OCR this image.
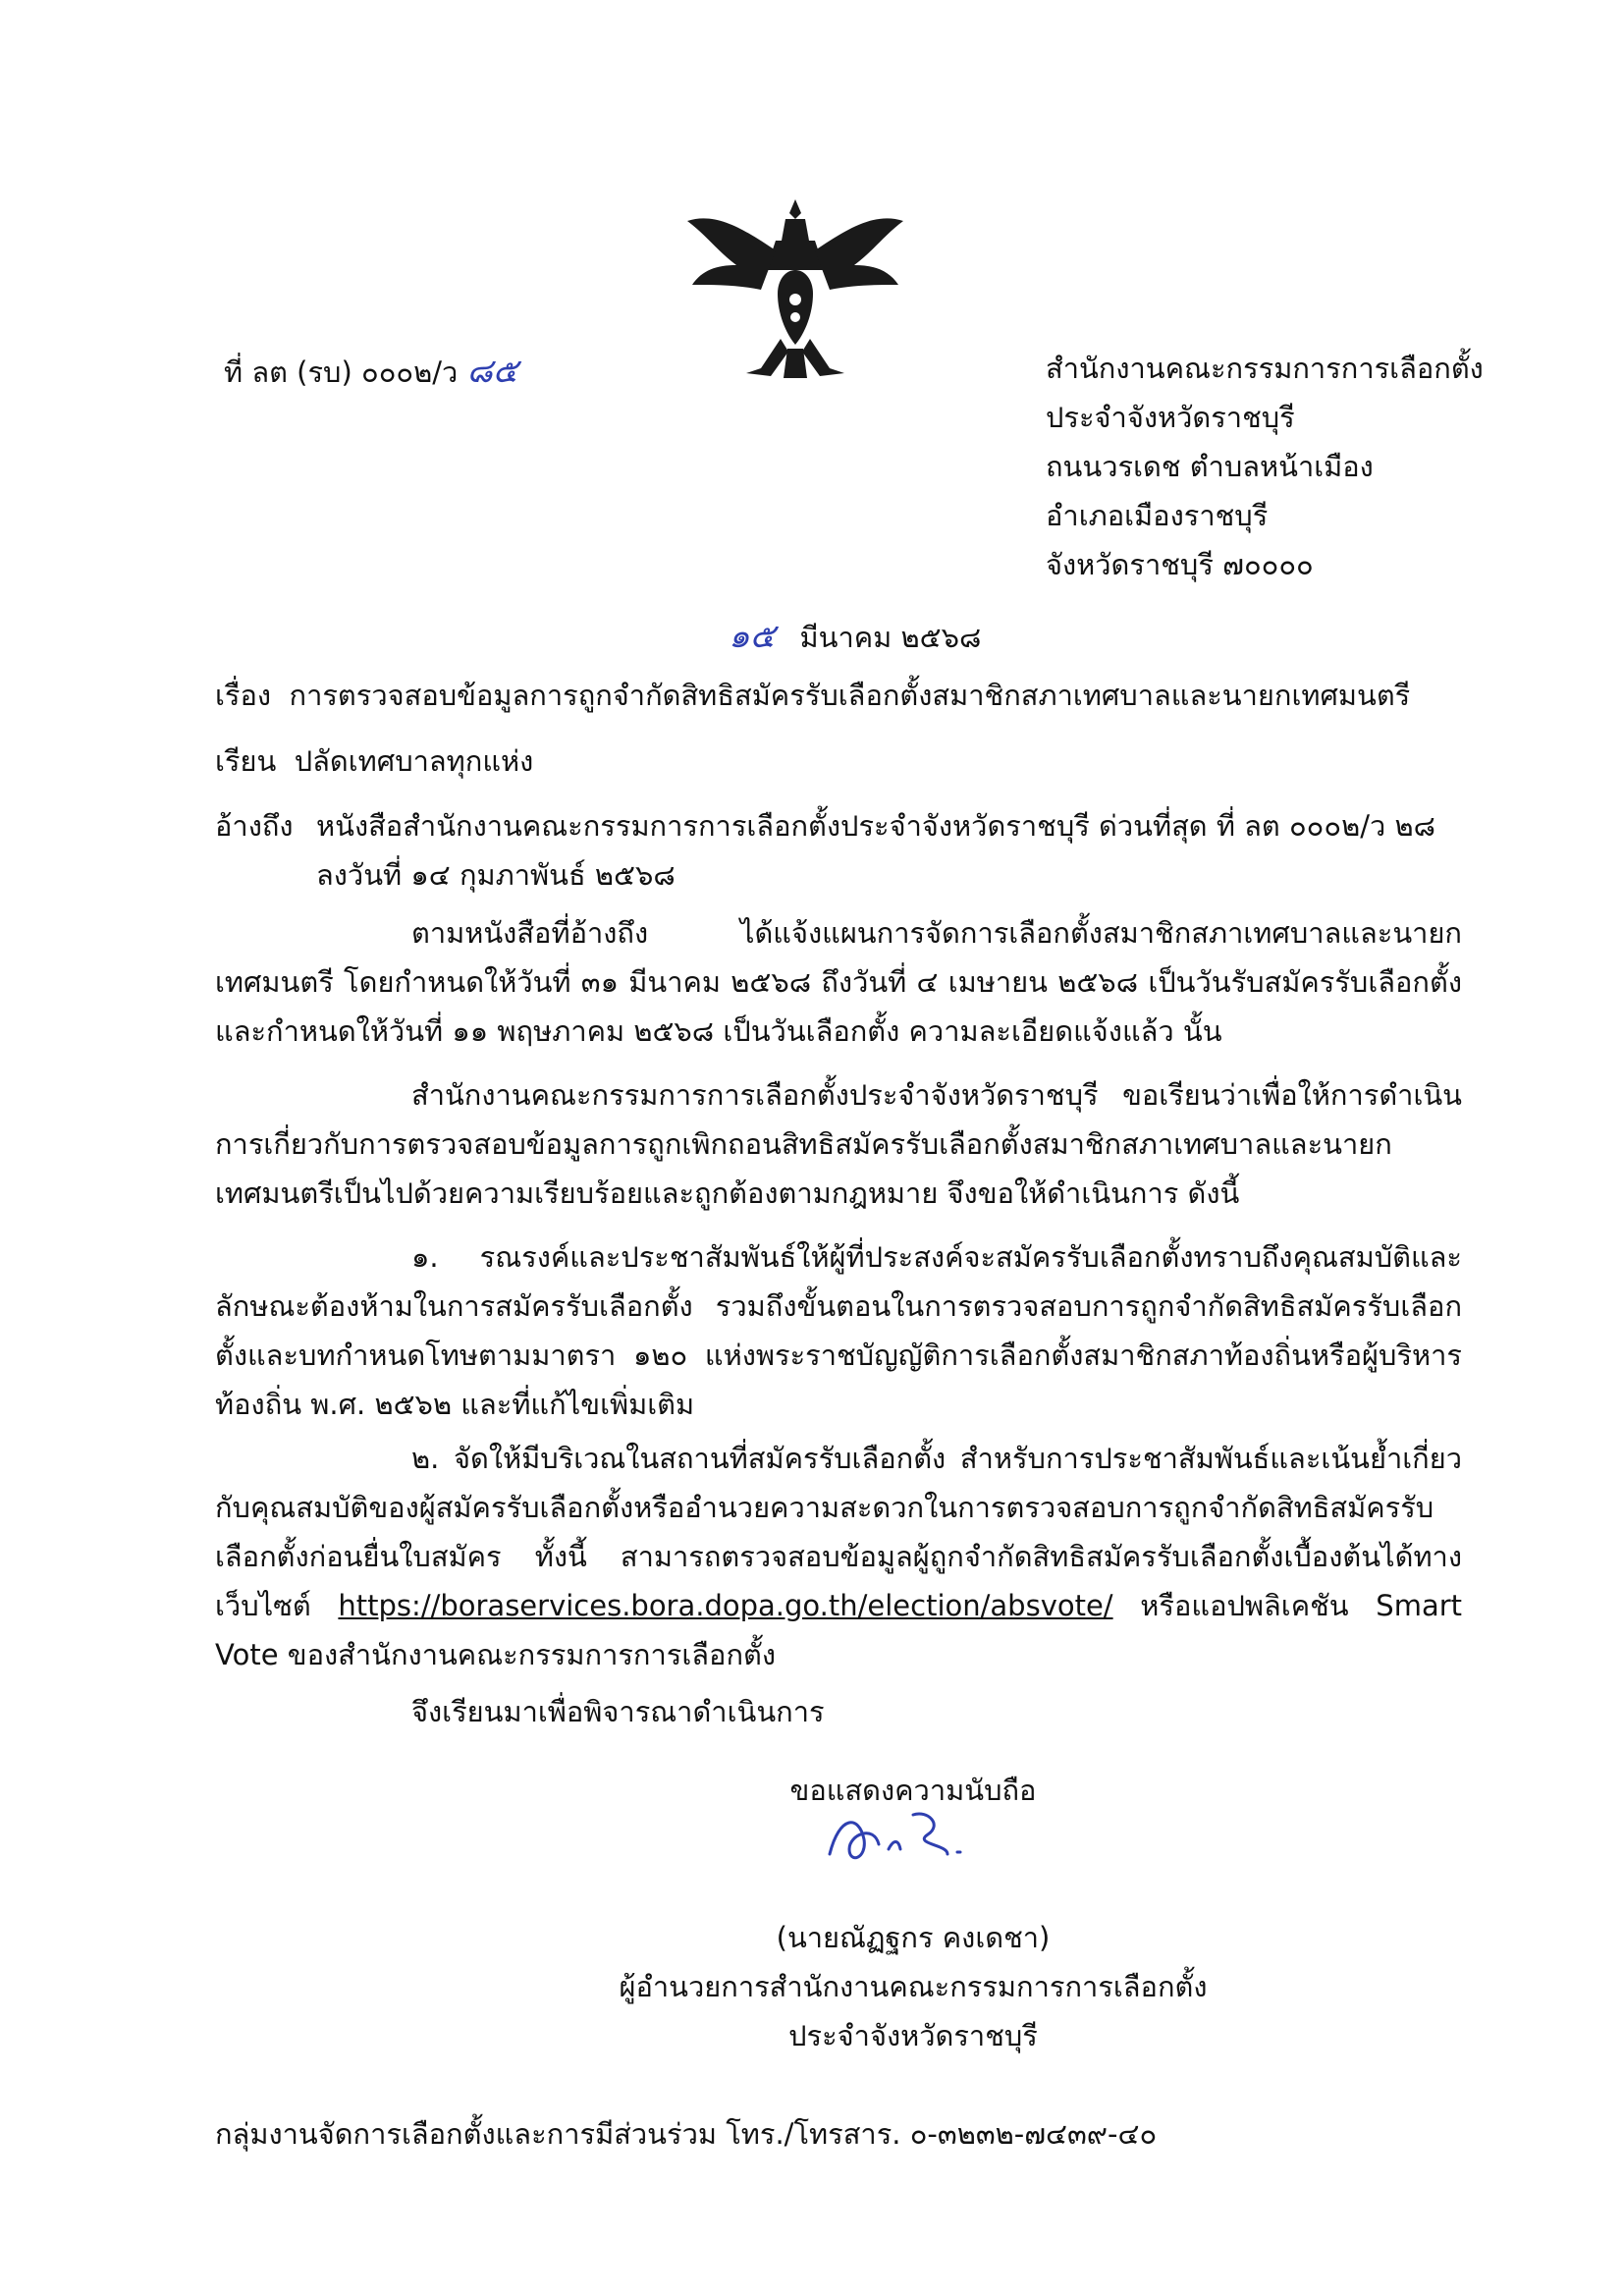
ที่ ลต (รบ) ๐๐๐๒/ว ๘๕	สำนักงานคณะกรรมการการเลือกตั้ง
ประจำจังหวัดราชบุรี
ถนนวรเดช ตำบลหน้าเมือง
อำเภอเมืองราชบุรี
จังหวัดราชบุรี ๗๐๐๐๐
๑๕ มีนาคม ๒๕๖๘
เรื่อง การตรวจสอบข้อมูลการถูกจำกัดสิทธิสมัครรับเลือกตั้งสมาชิกสภาเทศบาลและนายกเทศมนตรี
เรียน ปลัดเทศบาลทุกแห่ง
อ้างถึง หนังสือสำนักงานคณะกรรมการการเลือกตั้งประจำจังหวัดราชบุรี ด่วนที่สุด ที่ ลต ๐๐๐๒/ว ๒๘
ลงวันที่ ๑๔ กุมภาพันธ์ ๒๕๖๘
ตามหนังสือที่อ้างถึง ได้แจ้งแผนการจัดการเลือกตั้งสมาชิกสภาเทศบาลและนายกเทศมนตรี โดยกำหนดให้วันที่ ๓๑ มีนาคม ๒๕๖๘ ถึงวันที่ ๔ เมษายน ๒๕๖๘ เป็นวันรับสมัครรับเลือกตั้งและกำหนดให้วันที่ ๑๑ พฤษภาคม ๒๕๖๘ เป็นวันเลือกตั้ง ความละเอียดแจ้งแล้ว นั้น
สำนักงานคณะกรรมการการเลือกตั้งประจำจังหวัดราชบุรี ขอเรียนว่าเพื่อให้การดำเนินการเกี่ยวกับการตรวจสอบข้อมูลการถูกเพิกถอนสิทธิสมัครรับเลือกตั้งสมาชิกสภาเทศบาลและนายกเทศมนตรีเป็นไปด้วยความเรียบร้อยและถูกต้องตามกฎหมาย จึงขอให้ดำเนินการ ดังนี้
๑. รณรงค์และประชาสัมพันธ์ให้ผู้ที่ประสงค์จะสมัครรับเลือกตั้งทราบถึงคุณสมบัติและลักษณะต้องห้ามในการสมัครรับเลือกตั้ง รวมถึงขั้นตอนในการตรวจสอบการถูกจำกัดสิทธิสมัครรับเลือกตั้งและบทกำหนดโทษตามมาตรา ๑๒๐ แห่งพระราชบัญญัติการเลือกตั้งสมาชิกสภาท้องถิ่นหรือผู้บริหารท้องถิ่น พ.ศ. ๒๕๖๒ และที่แก้ไขเพิ่มเติม
๒. จัดให้มีบริเวณในสถานที่สมัครรับเลือกตั้ง สำหรับการประชาสัมพันธ์และเน้นย้ำเกี่ยวกับคุณสมบัติของผู้สมัครรับเลือกตั้งหรืออำนวยความสะดวกในการตรวจสอบการถูกจำกัดสิทธิสมัครรับเลือกตั้งก่อนยื่นใบสมัคร ทั้งนี้ สามารถตรวจสอบข้อมูลผู้ถูกจำกัดสิทธิสมัครรับเลือกตั้งเบื้องต้นได้ทางเว็บไซต์ https://boraservices.bora.dopa.go.th/election/absvote/ หรือแอปพลิเคชัน Smart Vote ของสำนักงานคณะกรรมการการเลือกตั้ง
จึงเรียนมาเพื่อพิจารณาดำเนินการ
ขอแสดงความนับถือ
(นายณัฏฐกร คงเดชา)
ผู้อำนวยการสำนักงานคณะกรรมการการเลือกตั้ง
ประจำจังหวัดราชบุรี
กลุ่มงานจัดการเลือกตั้งและการมีส่วนร่วม โทร./โทรสาร. ๐-๓๒๓๒-๗๔๓๙-๔๐
